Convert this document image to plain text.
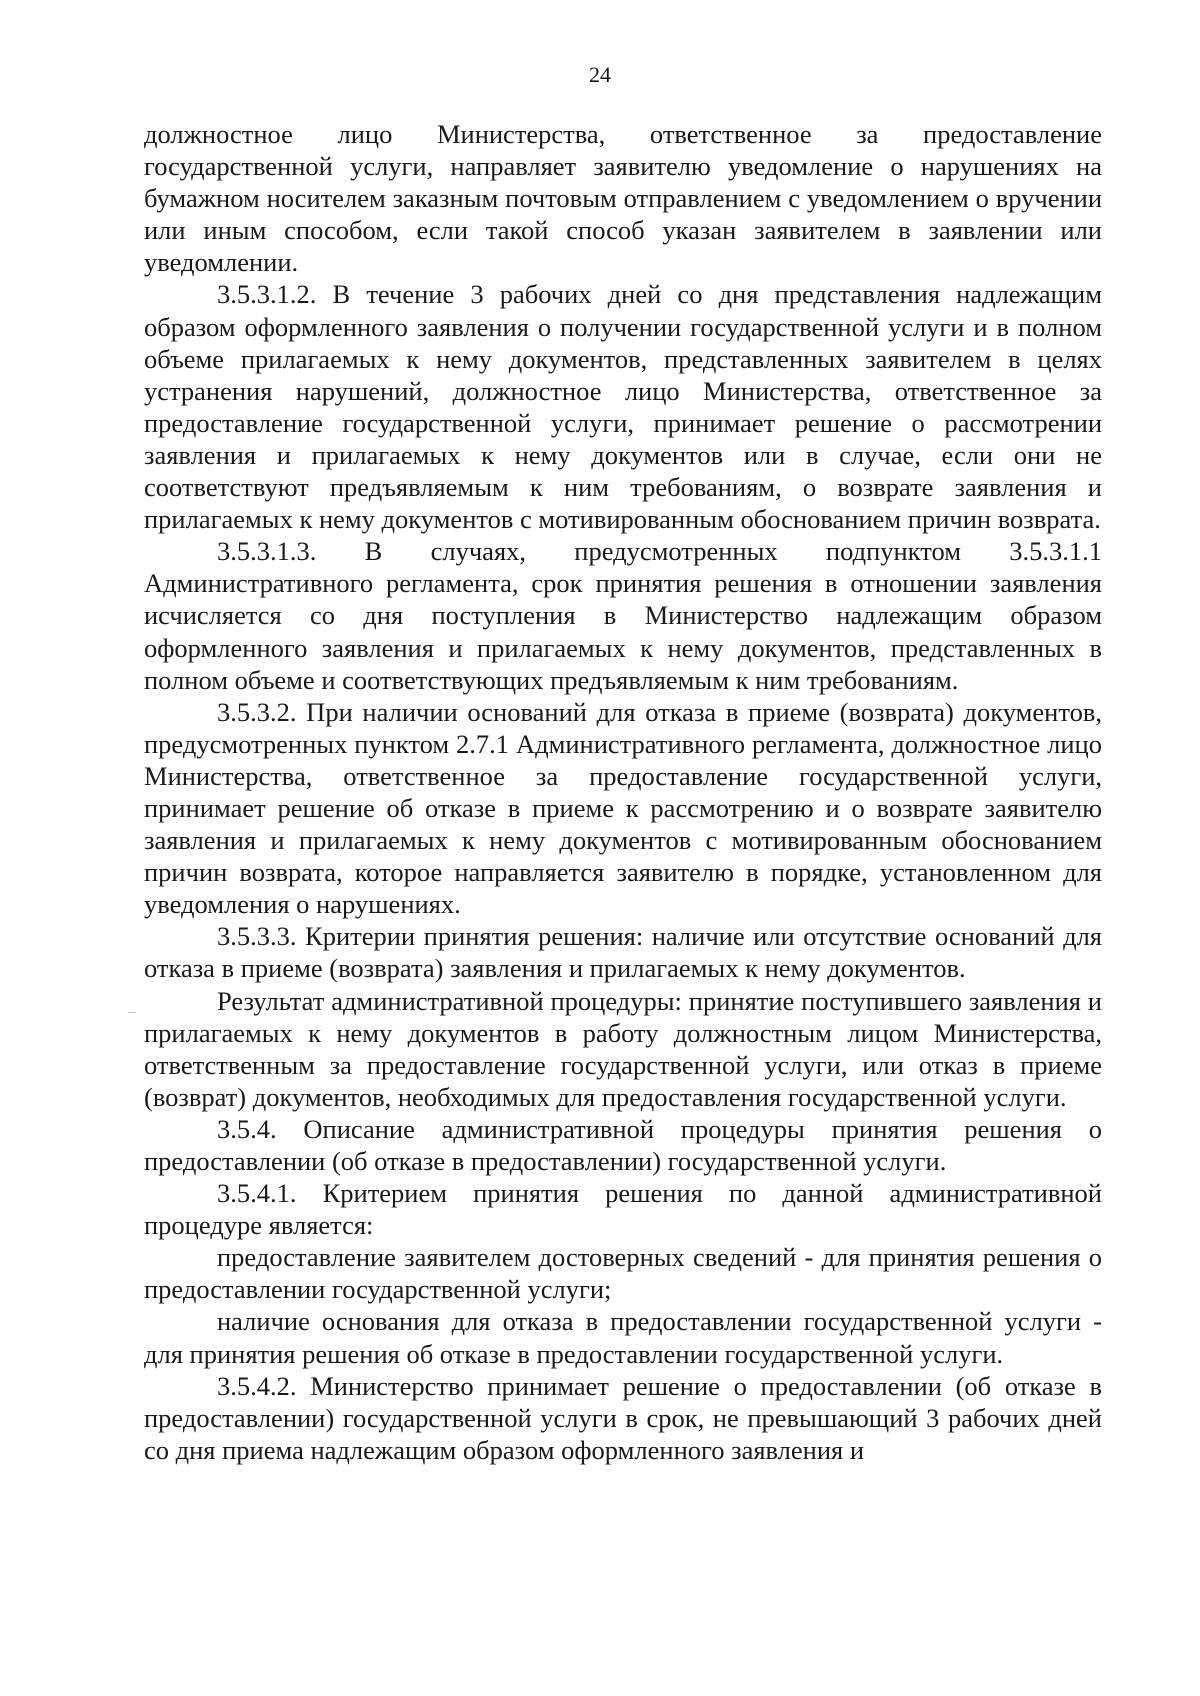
24

должностное лицо Министерства, ответственное за предоставление государственной услуги, направляет заявителю уведомление о нарушениях на бумажном носителем заказным почтовым отправлением с уведомлением о вручении или иным способом, если такой способ указан заявителем в заявлении или уведомлении.

3.5.3.1.2. В течение 3 рабочих дней со дня представления надлежащим образом оформленного заявления о получении государственной услуги и в полном объеме прилагаемых к нему документов, представленных заявителем в целях устранения нарушений, должностное лицо Министерства, ответственное за предоставление государственной услуги, принимает решение о рассмотрении заявления и прилагаемых к нему документов или в случае, если они не соответствуют предъявляемым к ним требованиям, о возврате заявления и прилагаемых к нему документов с мотивированным обоснованием причин возврата.

3.5.3.1.3. В случаях, предусмотренных подпунктом 3.5.3.1.1 Административного регламента, срок принятия решения в отношении заявления исчисляется со дня поступления в Министерство надлежащим образом оформленного заявления и прилагаемых к нему документов, представленных в полном объеме и соответствующих предъявляемым к ним требованиям.

3.5.3.2. При наличии оснований для отказа в приеме (возврата) документов, предусмотренных пунктом 2.7.1 Административного регламента, должностное лицо Министерства, ответственное за предоставление государственной услуги, принимает решение об отказе в приеме к рассмотрению и о возврате заявителю заявления и прилагаемых к нему документов с мотивированным обоснованием причин возврата, которое направляется заявителю в порядке, установленном для уведомления о нарушениях.

3.5.3.3. Критерии принятия решения: наличие или отсутствие оснований для отказа в приеме (возврата) заявления и прилагаемых к нему документов.

Результат административной процедуры: принятие поступившего заявления и прилагаемых к нему документов в работу должностным лицом Министерства, ответственным за предоставление государственной услуги, или отказ в приеме (возврат) документов, необходимых для предоставления государственной услуги.

3.5.4. Описание административной процедуры принятия решения о предоставлении (об отказе в предоставлении) государственной услуги.

3.5.4.1. Критерием принятия решения по данной административной процедуре является:

предоставление заявителем достоверных сведений - для принятия решения о предоставлении государственной услуги;

наличие основания для отказа в предоставлении государственной услуги - для принятия решения об отказе в предоставлении государственной услуги.

3.5.4.2. Министерство принимает решение о предоставлении (об отказе в предоставлении) государственной услуги в срок, не превышающий 3 рабочих дней со дня приема надлежащим образом оформленного заявления и
